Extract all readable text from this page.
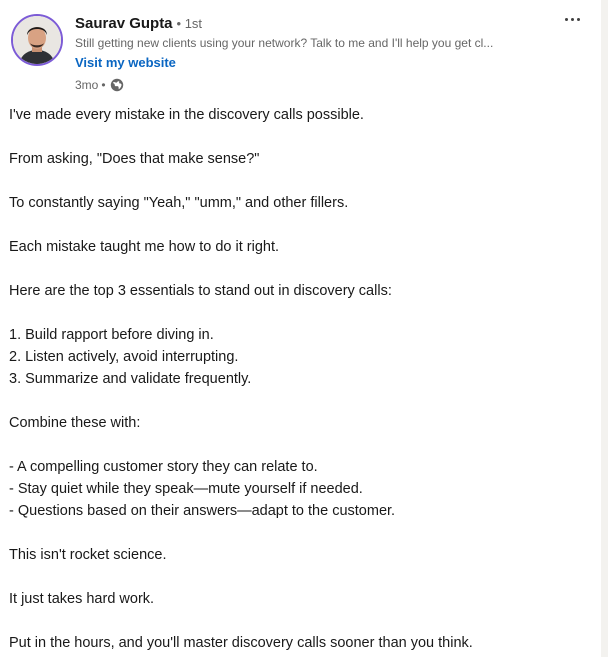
Saurav Gupta • 1st
Still getting new clients using your network? Talk to me and I'll help you get cl...
Visit my website
3mo •

I've made every mistake in the discovery calls possible.

From asking, "Does that make sense?"

To constantly saying "Yeah," "umm," and other fillers.

Each mistake taught me how to do it right.

Here are the top 3 essentials to stand out in discovery calls:

1. Build rapport before diving in.

2. Listen actively, avoid interrupting.

3. Summarize and validate frequently.

Combine these with:

- A compelling customer story they can relate to.

- Stay quiet while they speak—mute yourself if needed.

- Questions based on their answers—adapt to the customer.

This isn't rocket science.

It just takes hard work.

Put in the hours, and you'll master discovery calls sooner than you think.
